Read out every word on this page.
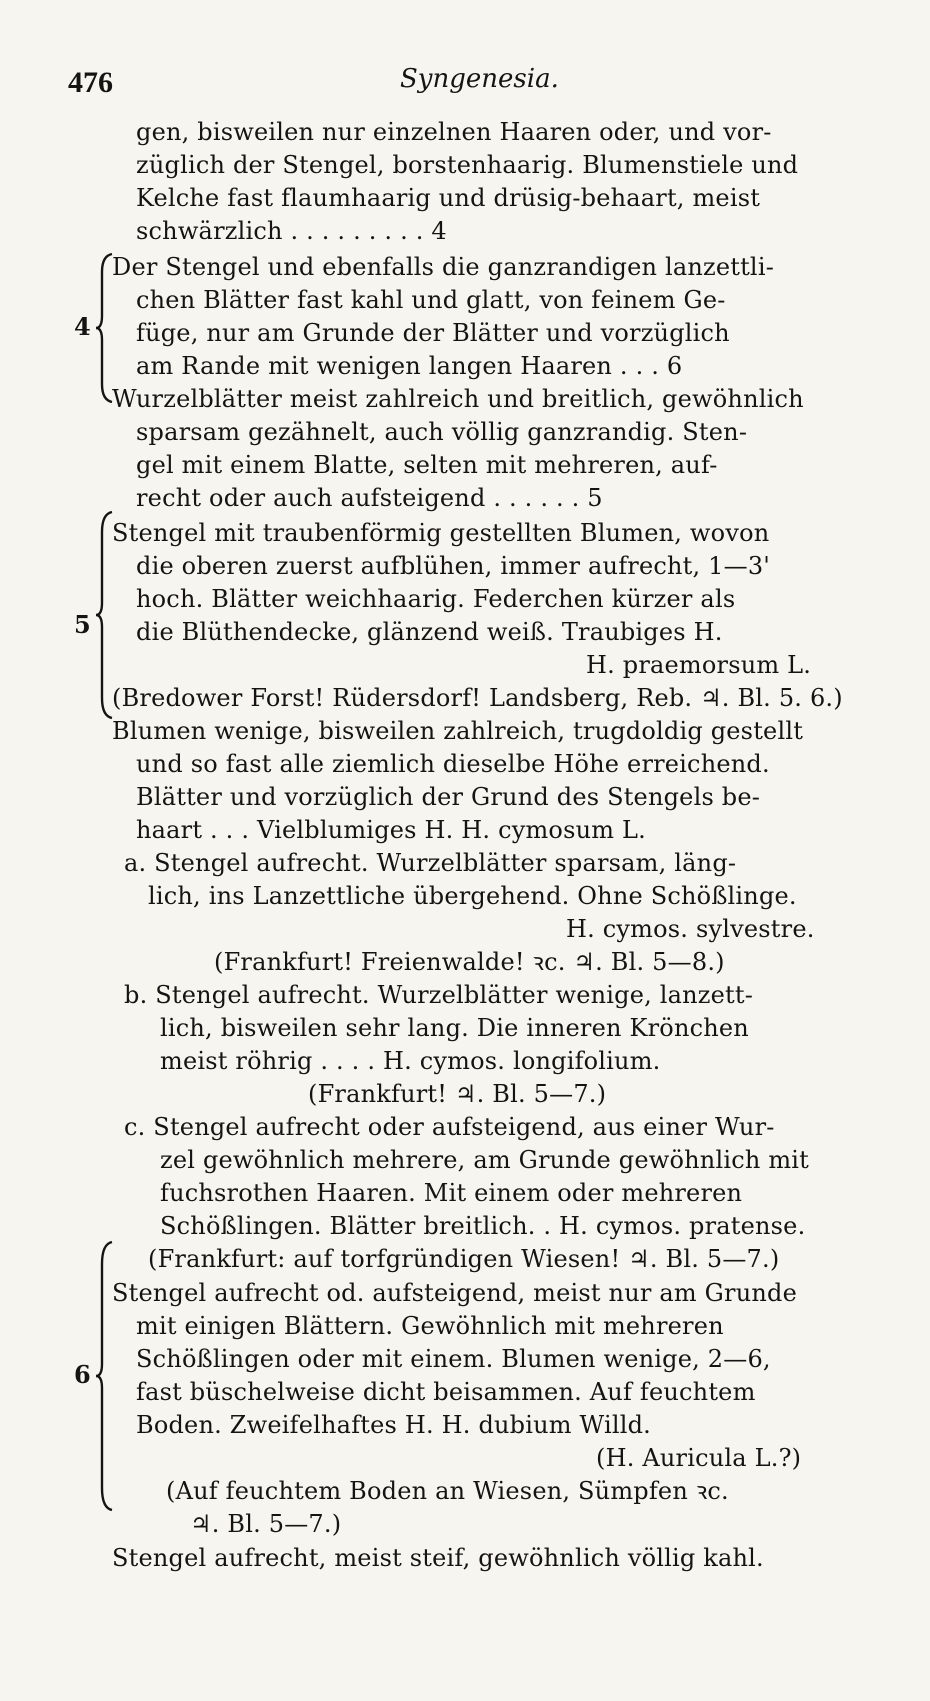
476	Syngenesia.
4
5
6
gen, bisweilen nur einzelnen Haaren oder, und vor-
züglich der Stengel, borstenhaarig. Blumenstiele und
Kelche fast flaumhaarig und drüsig-behaart, meist
schwärzlich . . . . . . . . . 4
Der Stengel und ebenfalls die ganzrandigen lanzettli-
chen Blätter fast kahl und glatt, von feinem Ge-
füge, nur am Grunde der Blätter und vorzüglich
am Rande mit wenigen langen Haaren . . . 6
Wurzelblätter meist zahlreich und breitlich, gewöhnlich
sparsam gezähnelt, auch völlig ganzrandig. Sten-
gel mit einem Blatte, selten mit mehreren, auf-
recht oder auch aufsteigend . . . . . . 5
Stengel mit traubenförmig gestellten Blumen, wovon
die oberen zuerst aufblühen, immer aufrecht, 1—3'
hoch. Blätter weichhaarig. Federchen kürzer als
die Blüthendecke, glänzend weiß. Traubiges H.
H. praemorsum L.
(Bredower Forst! Rüdersdorf! Landsberg, Reb. ♃. Bl. 5. 6.)
Blumen wenige, bisweilen zahlreich, trugdoldig gestellt
und so fast alle ziemlich dieselbe Höhe erreichend.
Blätter und vorzüglich der Grund des Stengels be-
haart . . . Vielblumiges H. H. cymosum L.
a. Stengel aufrecht. Wurzelblätter sparsam, läng-
lich, ins Lanzettliche übergehend. Ohne Schößlinge.
H. cymos. sylvestre.
(Frankfurt! Freienwalde! ꝛc. ♃. Bl. 5—8.)
b. Stengel aufrecht. Wurzelblätter wenige, lanzett-
lich, bisweilen sehr lang. Die inneren Krönchen
meist röhrig . . . . H. cymos. longifolium.
(Frankfurt! ♃. Bl. 5—7.)
c. Stengel aufrecht oder aufsteigend, aus einer Wur-
zel gewöhnlich mehrere, am Grunde gewöhnlich mit
fuchsrothen Haaren. Mit einem oder mehreren
Schößlingen. Blätter breitlich. . H. cymos. pratense.
(Frankfurt: auf torfgründigen Wiesen! ♃. Bl. 5—7.)
Stengel aufrecht od. aufsteigend, meist nur am Grunde
mit einigen Blättern. Gewöhnlich mit mehreren
Schößlingen oder mit einem. Blumen wenige, 2—6,
fast büschelweise dicht beisammen. Auf feuchtem
Boden. Zweifelhaftes H. H. dubium Willd.
(H. Auricula L.?)
(Auf feuchtem Boden an Wiesen, Sümpfen ꝛc.
♃. Bl. 5—7.)
Stengel aufrecht, meist steif, gewöhnlich völlig kahl.
